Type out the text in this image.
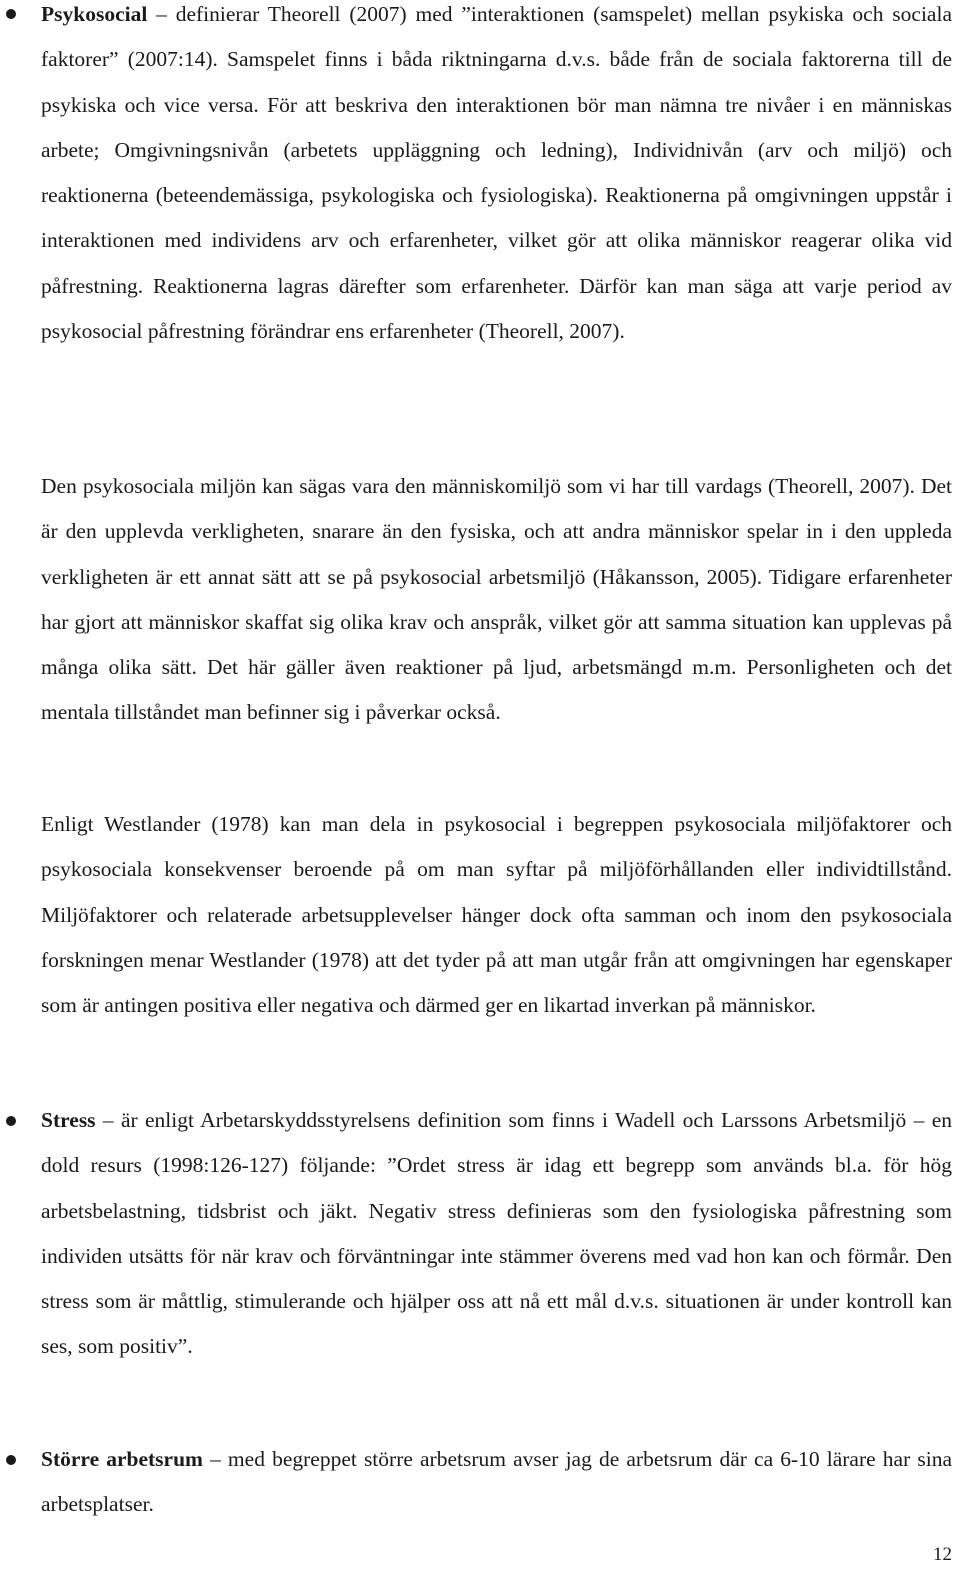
Psykosocial – definierar Theorell (2007) med ”interaktionen (samspelet) mellan psykiska och sociala faktorer” (2007:14). Samspelet finns i båda riktningarna d.v.s. både från de sociala faktorerna till de psykiska och vice versa. För att beskriva den interaktionen bör man nämna tre nivåer i en människas arbete; Omgivningsnivån (arbetets uppläggning och ledning), Individnivån (arv och miljö) och reaktionerna (beteendemässiga, psykologiska och fysiologiska). Reaktionerna på omgivningen uppstår i interaktionen med individens arv och erfarenheter, vilket gör att olika människor reagerar olika vid påfrestning. Reaktionerna lagras därefter som erfarenheter. Därför kan man säga att varje period av psykosocial påfrestning förändrar ens erfarenheter (Theorell, 2007).

Den psykosociala miljön kan sägas vara den människomiljö som vi har till vardags (Theorell, 2007). Det är den upplevda verkligheten, snarare än den fysiska, och att andra människor spelar in i den uppleda verkligheten är ett annat sätt att se på psykosocial arbetsmiljö (Håkansson, 2005). Tidigare erfarenheter har gjort att människor skaffat sig olika krav och anspråk, vilket gör att samma situation kan upplevas på många olika sätt. Det här gäller även reaktioner på ljud, arbetsmängd m.m. Personligheten och det mentala tillståndet man befinner sig i påverkar också.

Enligt Westlander (1978) kan man dela in psykosocial i begreppen psykosociala miljöfaktorer och psykosociala konsekvenser beroende på om man syftar på miljöförhållanden eller individtillstånd. Miljöfaktorer och relaterade arbetsupplevelser hänger dock ofta samman och inom den psykosociala forskningen menar Westlander (1978) att det tyder på att man utgår från att omgivningen har egenskaper som är antingen positiva eller negativa och därmed ger en likartad inverkan på människor.

Stress – är enligt Arbetarskyddsstyrelsens definition som finns i Wadell och Larssons Arbetsmiljö – en dold resurs (1998:126-127) följande: ”Ordet stress är idag ett begrepp som används bl.a. för hög arbetsbelastning, tidsbrist och jäkt. Negativ stress definieras som den fysiologiska påfrestning som individen utsätts för när krav och förväntningar inte stämmer överens med vad hon kan och förmår. Den stress som är måttlig, stimulerande och hjälper oss att nå ett mål d.v.s. situationen är under kontroll kan ses, som positiv”.

Större arbetsrum – med begreppet större arbetsrum avser jag de arbetsrum där ca 6-10 lärare har sina arbetsplatser.

12
